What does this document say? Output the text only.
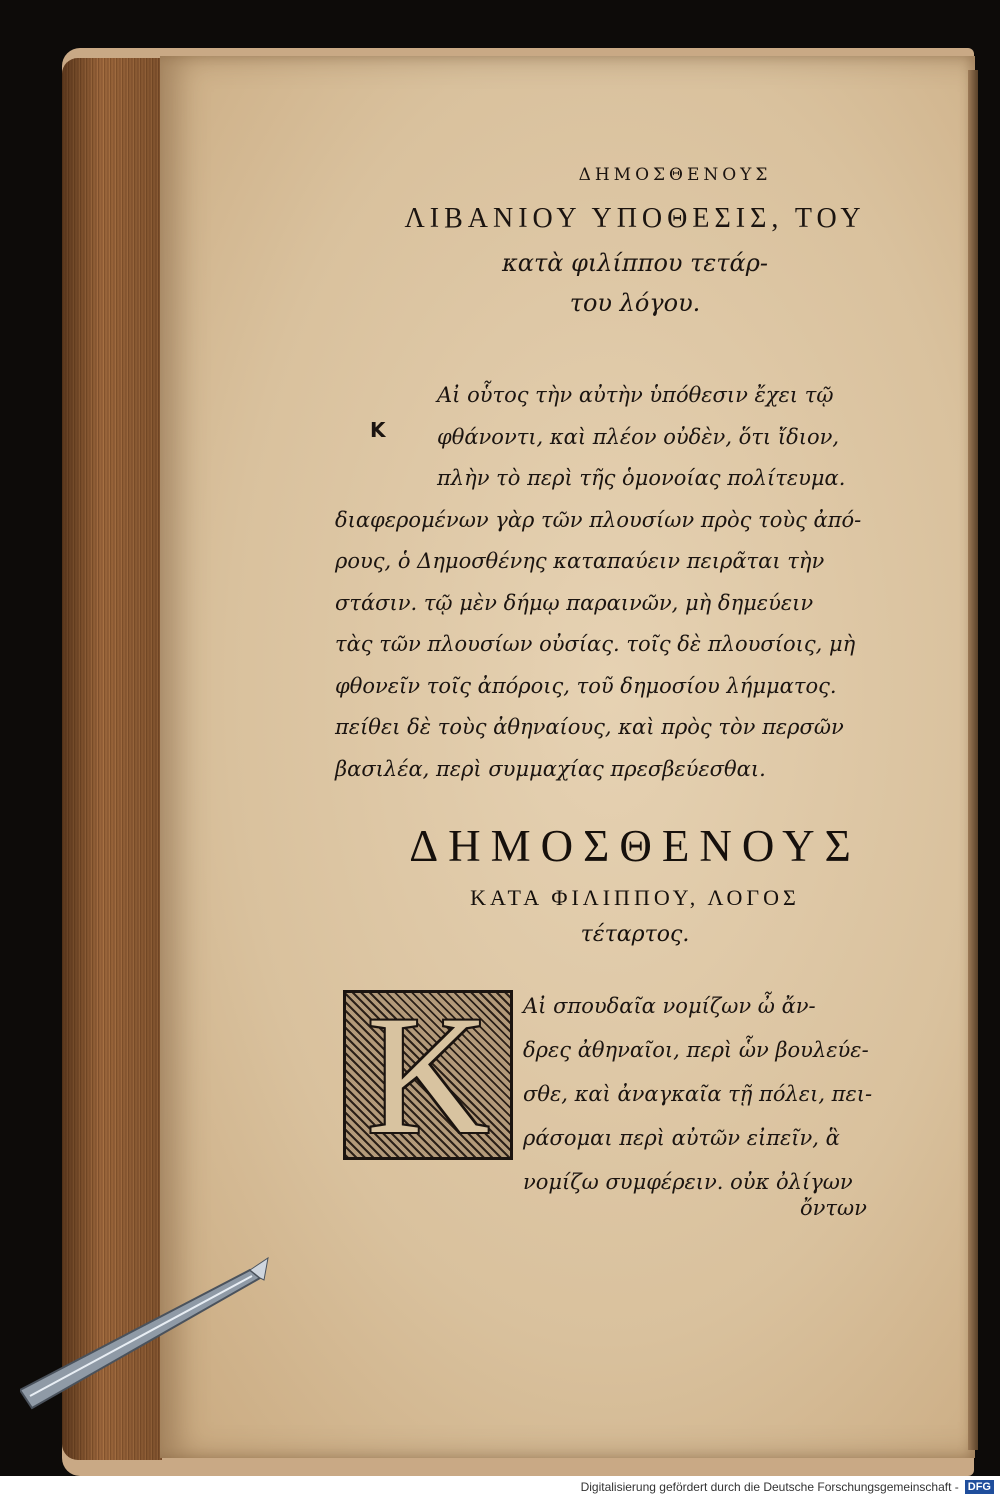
ΔΗΜΟΣΘΕΝΟΥΣ
ΛΙΒΑΝΙΟΥ ΥΠΟΘΕΣΙΣ, ΤΟΥ
κατὰ φιλίππου τετάρ-
του λόγου.
K
Αἰ οὗτος τὴν αὐτὴν ὑπόθεσιν ἔχει τῷ
φθάνοντι, καὶ πλέον οὐδὲν, ὅτι ἴδιον,
πλὴν τὸ περὶ τῆς ὁμονοίας πολίτευμα.
διαφερομένων γὰρ τῶν πλουσίων πρὸς τοὺς ἀπό-
ρους, ὁ Δημοσθένης καταπαύειν πειρᾶται τὴν
στάσιν. τῷ μὲν δήμῳ παραινῶν, μὴ δημεύειν
τὰς τῶν πλουσίων οὐσίας. τοῖς δὲ πλουσίοις, μὴ
φθονεῖν τοῖς ἀπόροις, τοῦ δημοσίου λήμματος.
πείθει δὲ τοὺς ἀθηναίους, καὶ πρὸς τὸν περσῶν
βασιλέα, περὶ συμμαχίας πρεσβεύεσθαι.
ΔΗΜΟΣΘΕΝΟΥΣ
ΚΑΤΑ ΦΙΛΙΠΠΟΥ, ΛΟΓΟΣ
τέταρτος.
K	Αἰ σπουδαῖα νομίζων ὦ ἄν-
δρες ἀθηναῖοι, περὶ ὧν βουλεύε-
σθε, καὶ ἀναγκαῖα τῇ πόλει, πει-
ράσομαι περὶ αὐτῶν εἰπεῖν, ἃ
νομίζω συμφέρειν. οὐκ ὀλίγων
ὄντων
Digitalisierung gefördert durch die Deutsche Forschungsgemeinschaft - DFG
